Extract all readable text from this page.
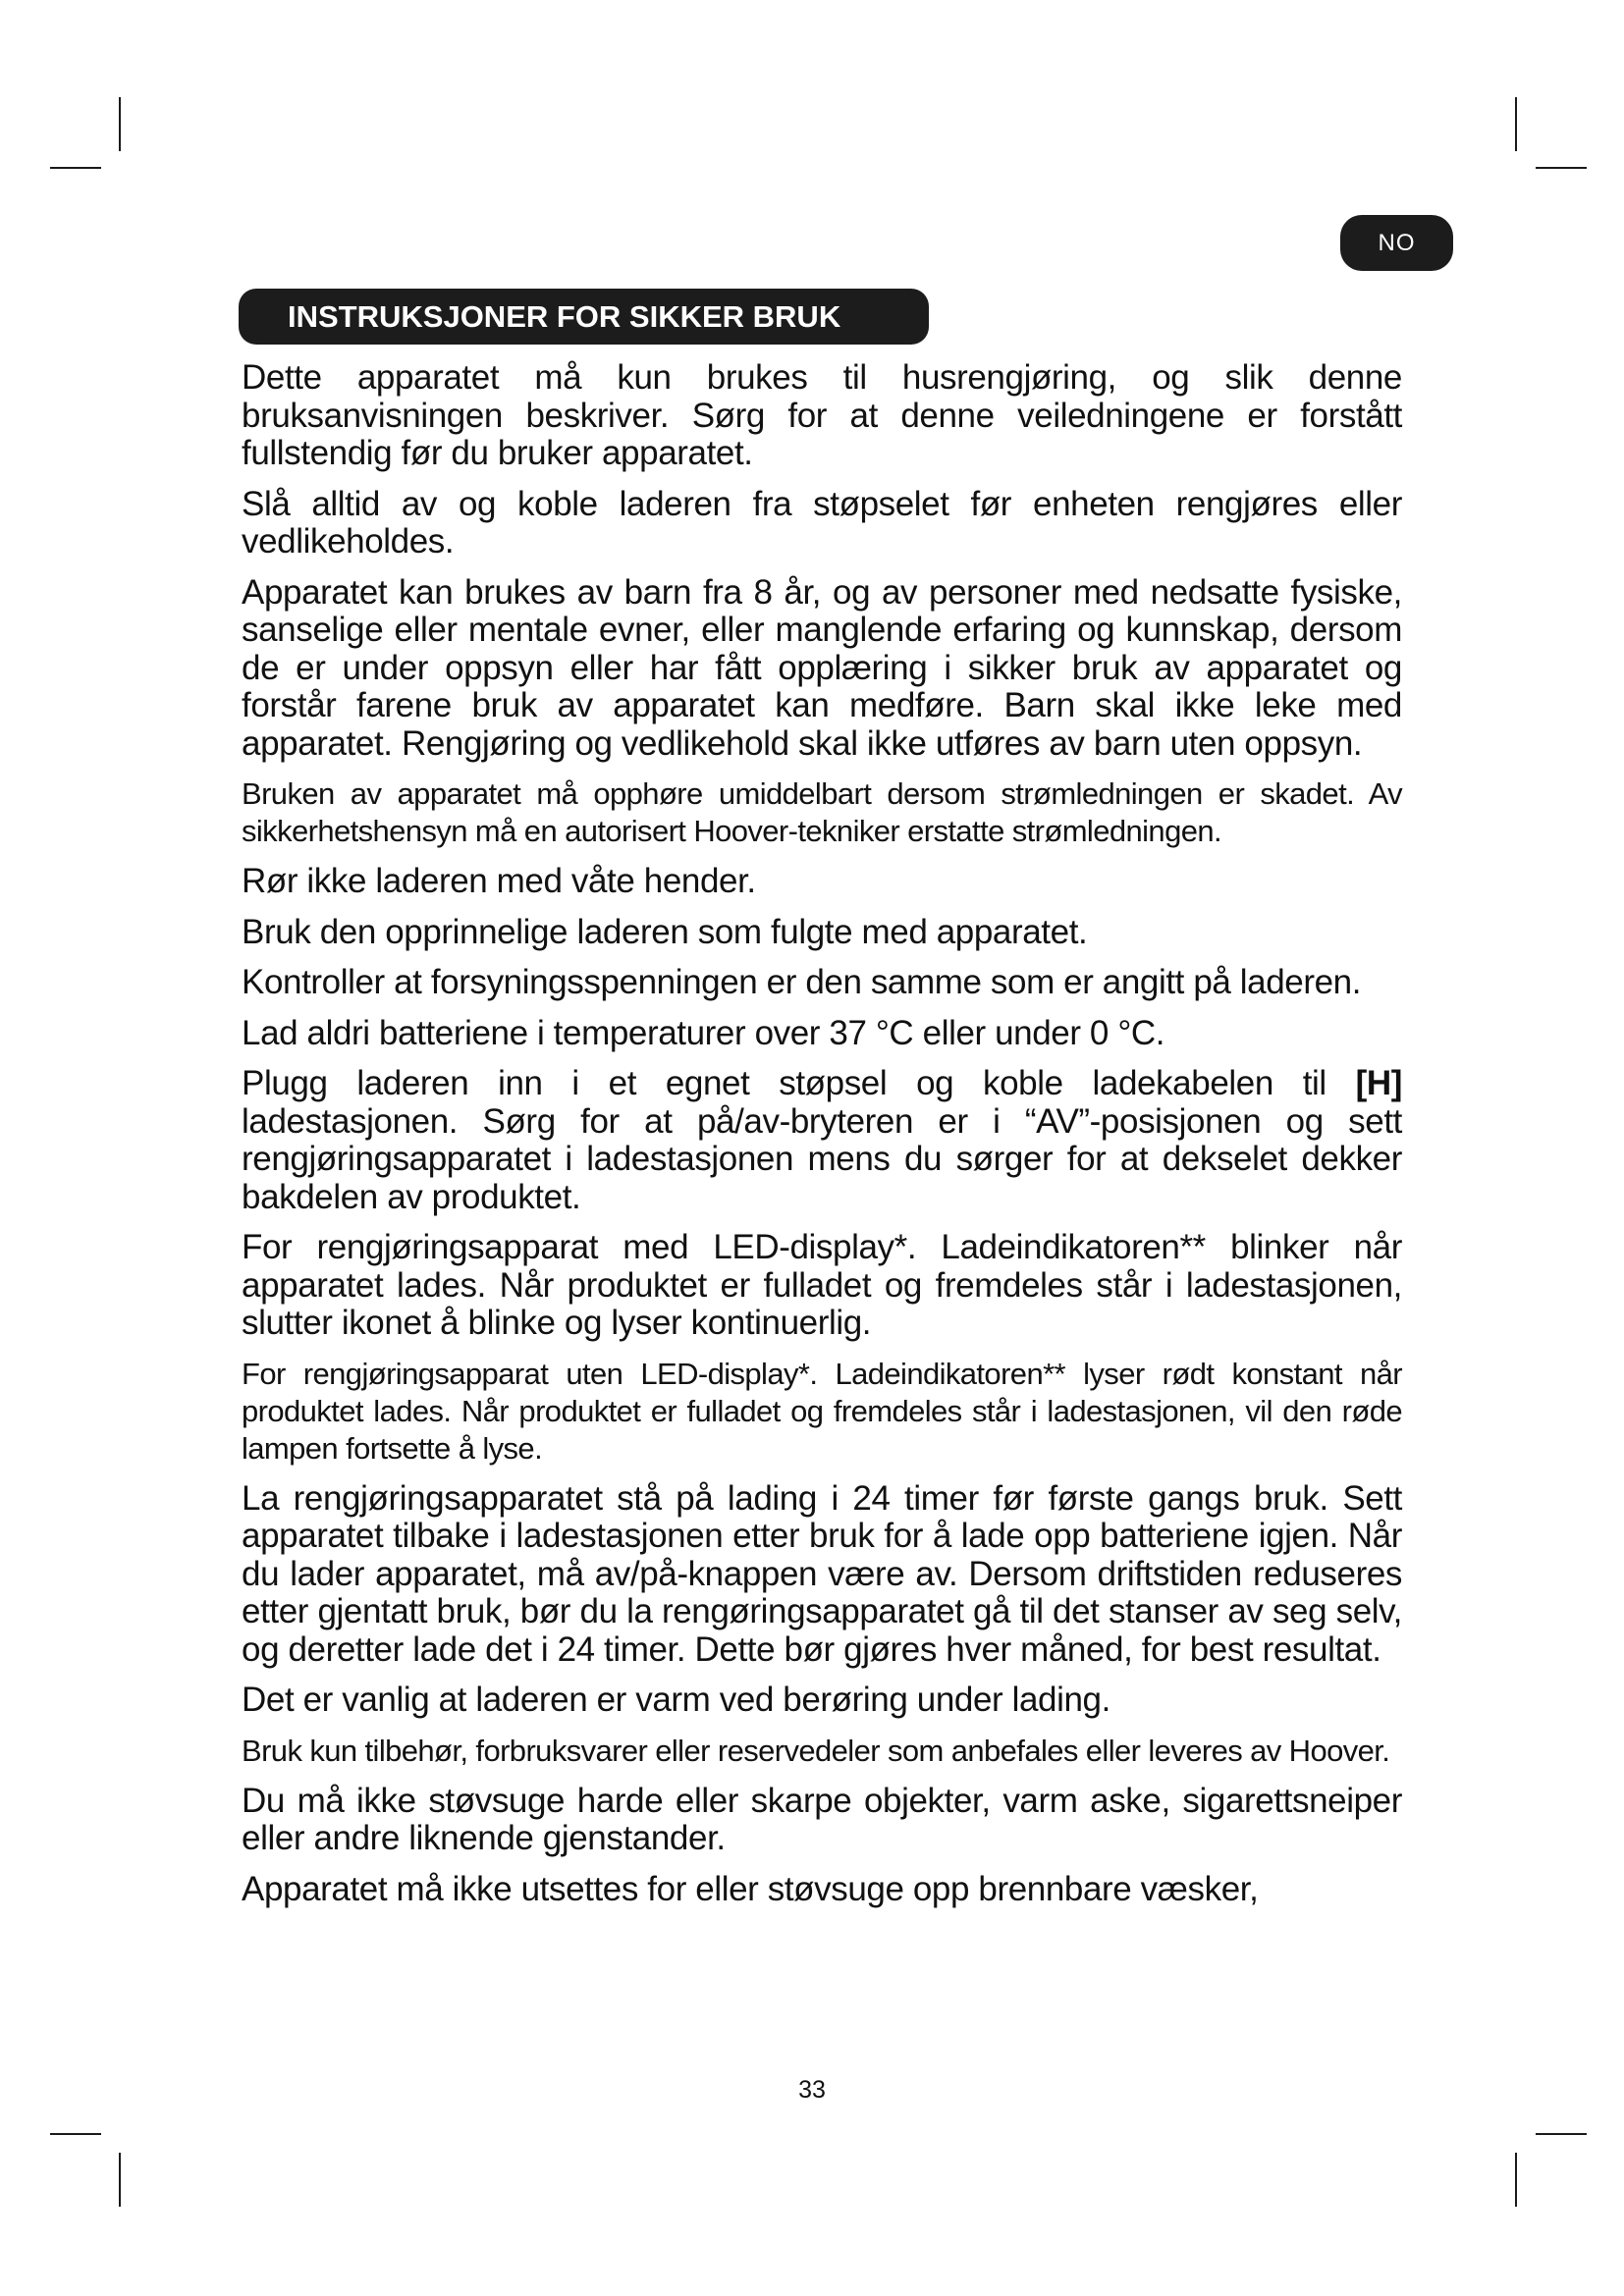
NO
INSTRUKSJONER FOR SIKKER BRUK

Dette apparatet må kun brukes til husrengjøring, og slik denne bruksanvisningen beskriver. Sørg for at denne veiledningene er forstått fullstendig før du bruker apparatet.

Slå alltid av og koble laderen fra støpselet før enheten rengjøres eller vedlikeholdes.

Apparatet kan brukes av barn fra 8 år, og av personer med nedsatte fysiske, sanselige eller mentale evner, eller manglende erfaring og kunnskap, dersom de er under oppsyn eller har fått opplæring i sikker bruk av apparatet og forstår farene bruk av apparatet kan medføre. Barn skal ikke leke med apparatet. Rengjøring og vedlikehold skal ikke utføres av barn uten oppsyn.

Bruken av apparatet må opphøre umiddelbart dersom strømledningen er skadet. Av sikkerhetshensyn må en autorisert Hoover-tekniker erstatte strømledningen.

Rør ikke laderen med våte hender.

Bruk den opprinnelige laderen som fulgte med apparatet.

Kontroller at forsyningsspenningen er den samme som er angitt på laderen.

Lad aldri batteriene i temperaturer over 37 °C eller under 0 °C.

Plugg laderen inn i et egnet støpsel og koble ladekabelen til [H] ladestasjonen. Sørg for at på/av-bryteren er i “AV”-posisjonen og sett rengjøringsapparatet i ladestasjonen mens du sørger for at dekselet dekker bakdelen av produktet.

For rengjøringsapparat med LED-display*. Ladeindikatoren** blinker når apparatet lades. Når produktet er fulladet og fremdeles står i ladestasjonen, slutter ikonet å blinke og lyser kontinuerlig.

For rengjøringsapparat uten LED-display*. Ladeindikatoren** lyser rødt konstant når produktet lades. Når produktet er fulladet og fremdeles står i ladestasjonen, vil den røde lampen fortsette å lyse.

La rengjøringsapparatet stå på lading i 24 timer før første gangs bruk. Sett apparatet tilbake i ladestasjonen etter bruk for å lade opp batteriene igjen. Når du lader apparatet, må av/på-knappen være av. Dersom driftstiden reduseres etter gjentatt bruk, bør du la rengøringsapparatet gå til det stanser av seg selv, og deretter lade det i 24 timer. Dette bør gjøres hver måned, for best resultat.

Det er vanlig at laderen er varm ved berøring under lading.

Bruk kun tilbehør, forbruksvarer eller reservedeler som anbefales eller leveres av Hoover.

Du må ikke støvsuge harde eller skarpe objekter, varm aske, sigarettsneiper eller andre liknende gjenstander.

Apparatet må ikke utsettes for eller støvsuge opp brennbare væsker,

33
